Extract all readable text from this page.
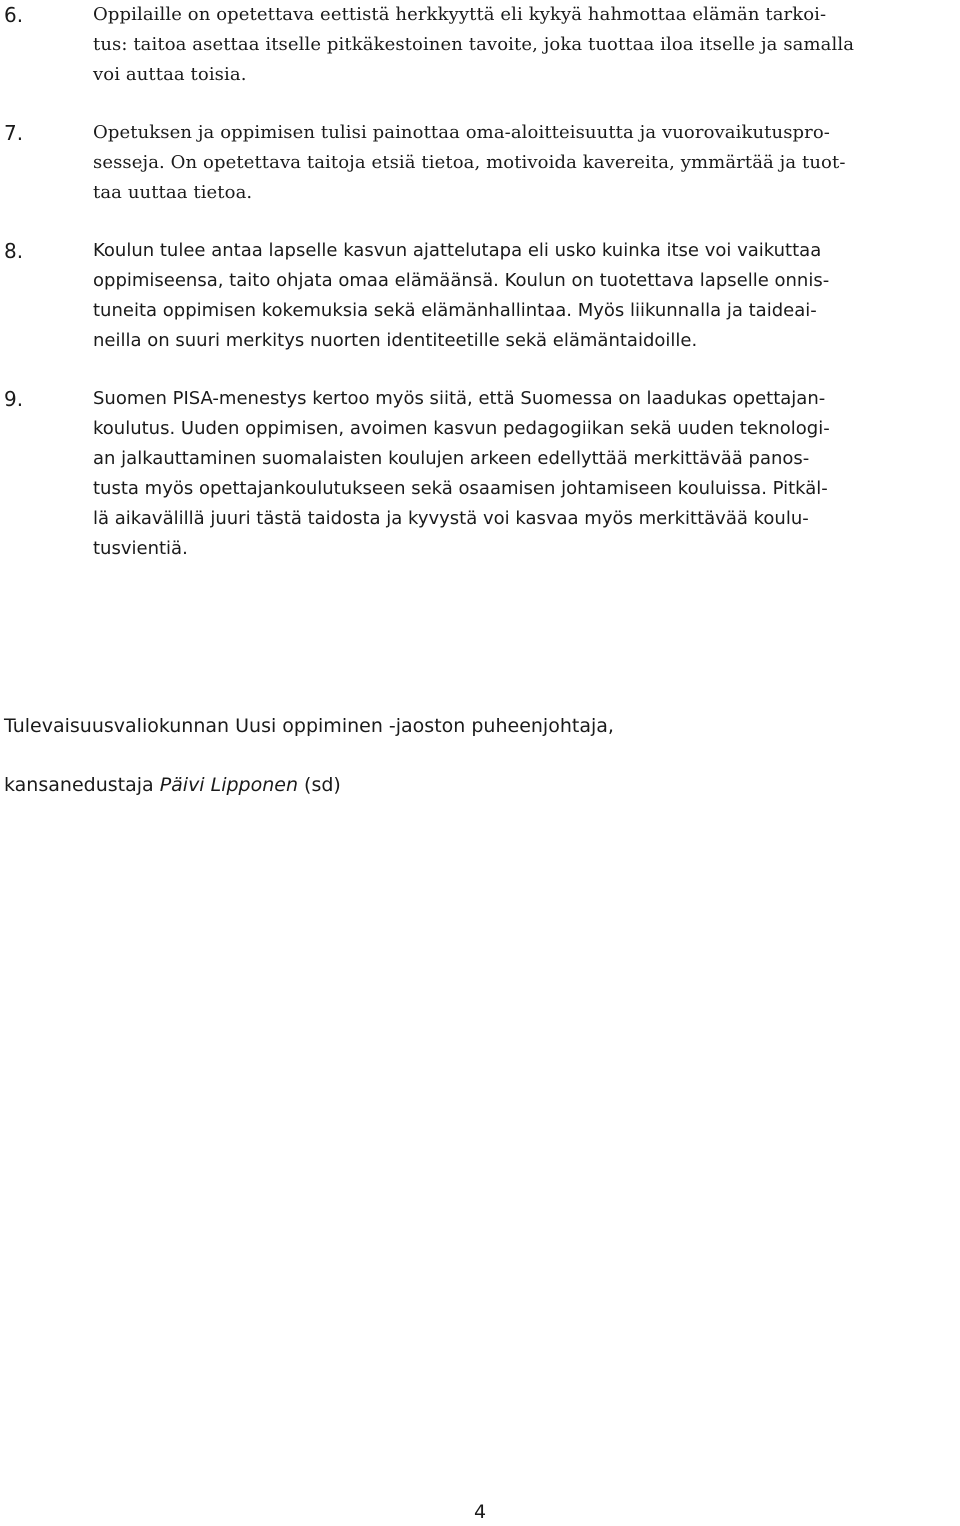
6.	Oppilaille on opetettava eettistä herkkyyttä eli kykyä hahmottaa elämän tarkoi-
tus: taitoa asettaa itselle pitkäkestoinen tavoite, joka tuottaa iloa itselle ja samalla
voi auttaa toisia.
7.	Opetuksen ja oppimisen tulisi painottaa oma-aloitteisuutta ja vuorovaikutuspro-
sesseja. On opetettava taitoja etsiä tietoa, motivoida kavereita, ymmärtää ja tuot-
taa uuttaa tietoa.
8.	Koulun tulee antaa lapselle kasvun ajattelutapa eli usko kuinka itse voi vaikuttaa
oppimiseensa, taito ohjata omaa elämäänsä. Koulun on tuotettava lapselle onnis-
tuneita oppimisen kokemuksia sekä elämänhallintaa. Myös liikunnalla ja taideai-
neilla on suuri merkitys nuorten identiteetille sekä elämäntaidoille.
9.	Suomen PISA-menestys kertoo myös siitä, että Suomessa on laadukas opettajan-
koulutus. Uuden oppimisen, avoimen kasvun pedagogiikan sekä uuden teknologi-
an jalkauttaminen suomalaisten koulujen arkeen edellyttää merkittävää panos-
tusta myös opettajankoulutukseen sekä osaamisen johtamiseen kouluissa. Pitkäl-
lä aikavälillä juuri tästä taidosta ja kyvystä voi kasvaa myös merkittävää koulu-
tusvientiä.
Tulevaisuusvaliokunnan Uusi oppiminen -jaoston puheenjohtaja,
kansanedustaja Päivi Lipponen (sd)
4
